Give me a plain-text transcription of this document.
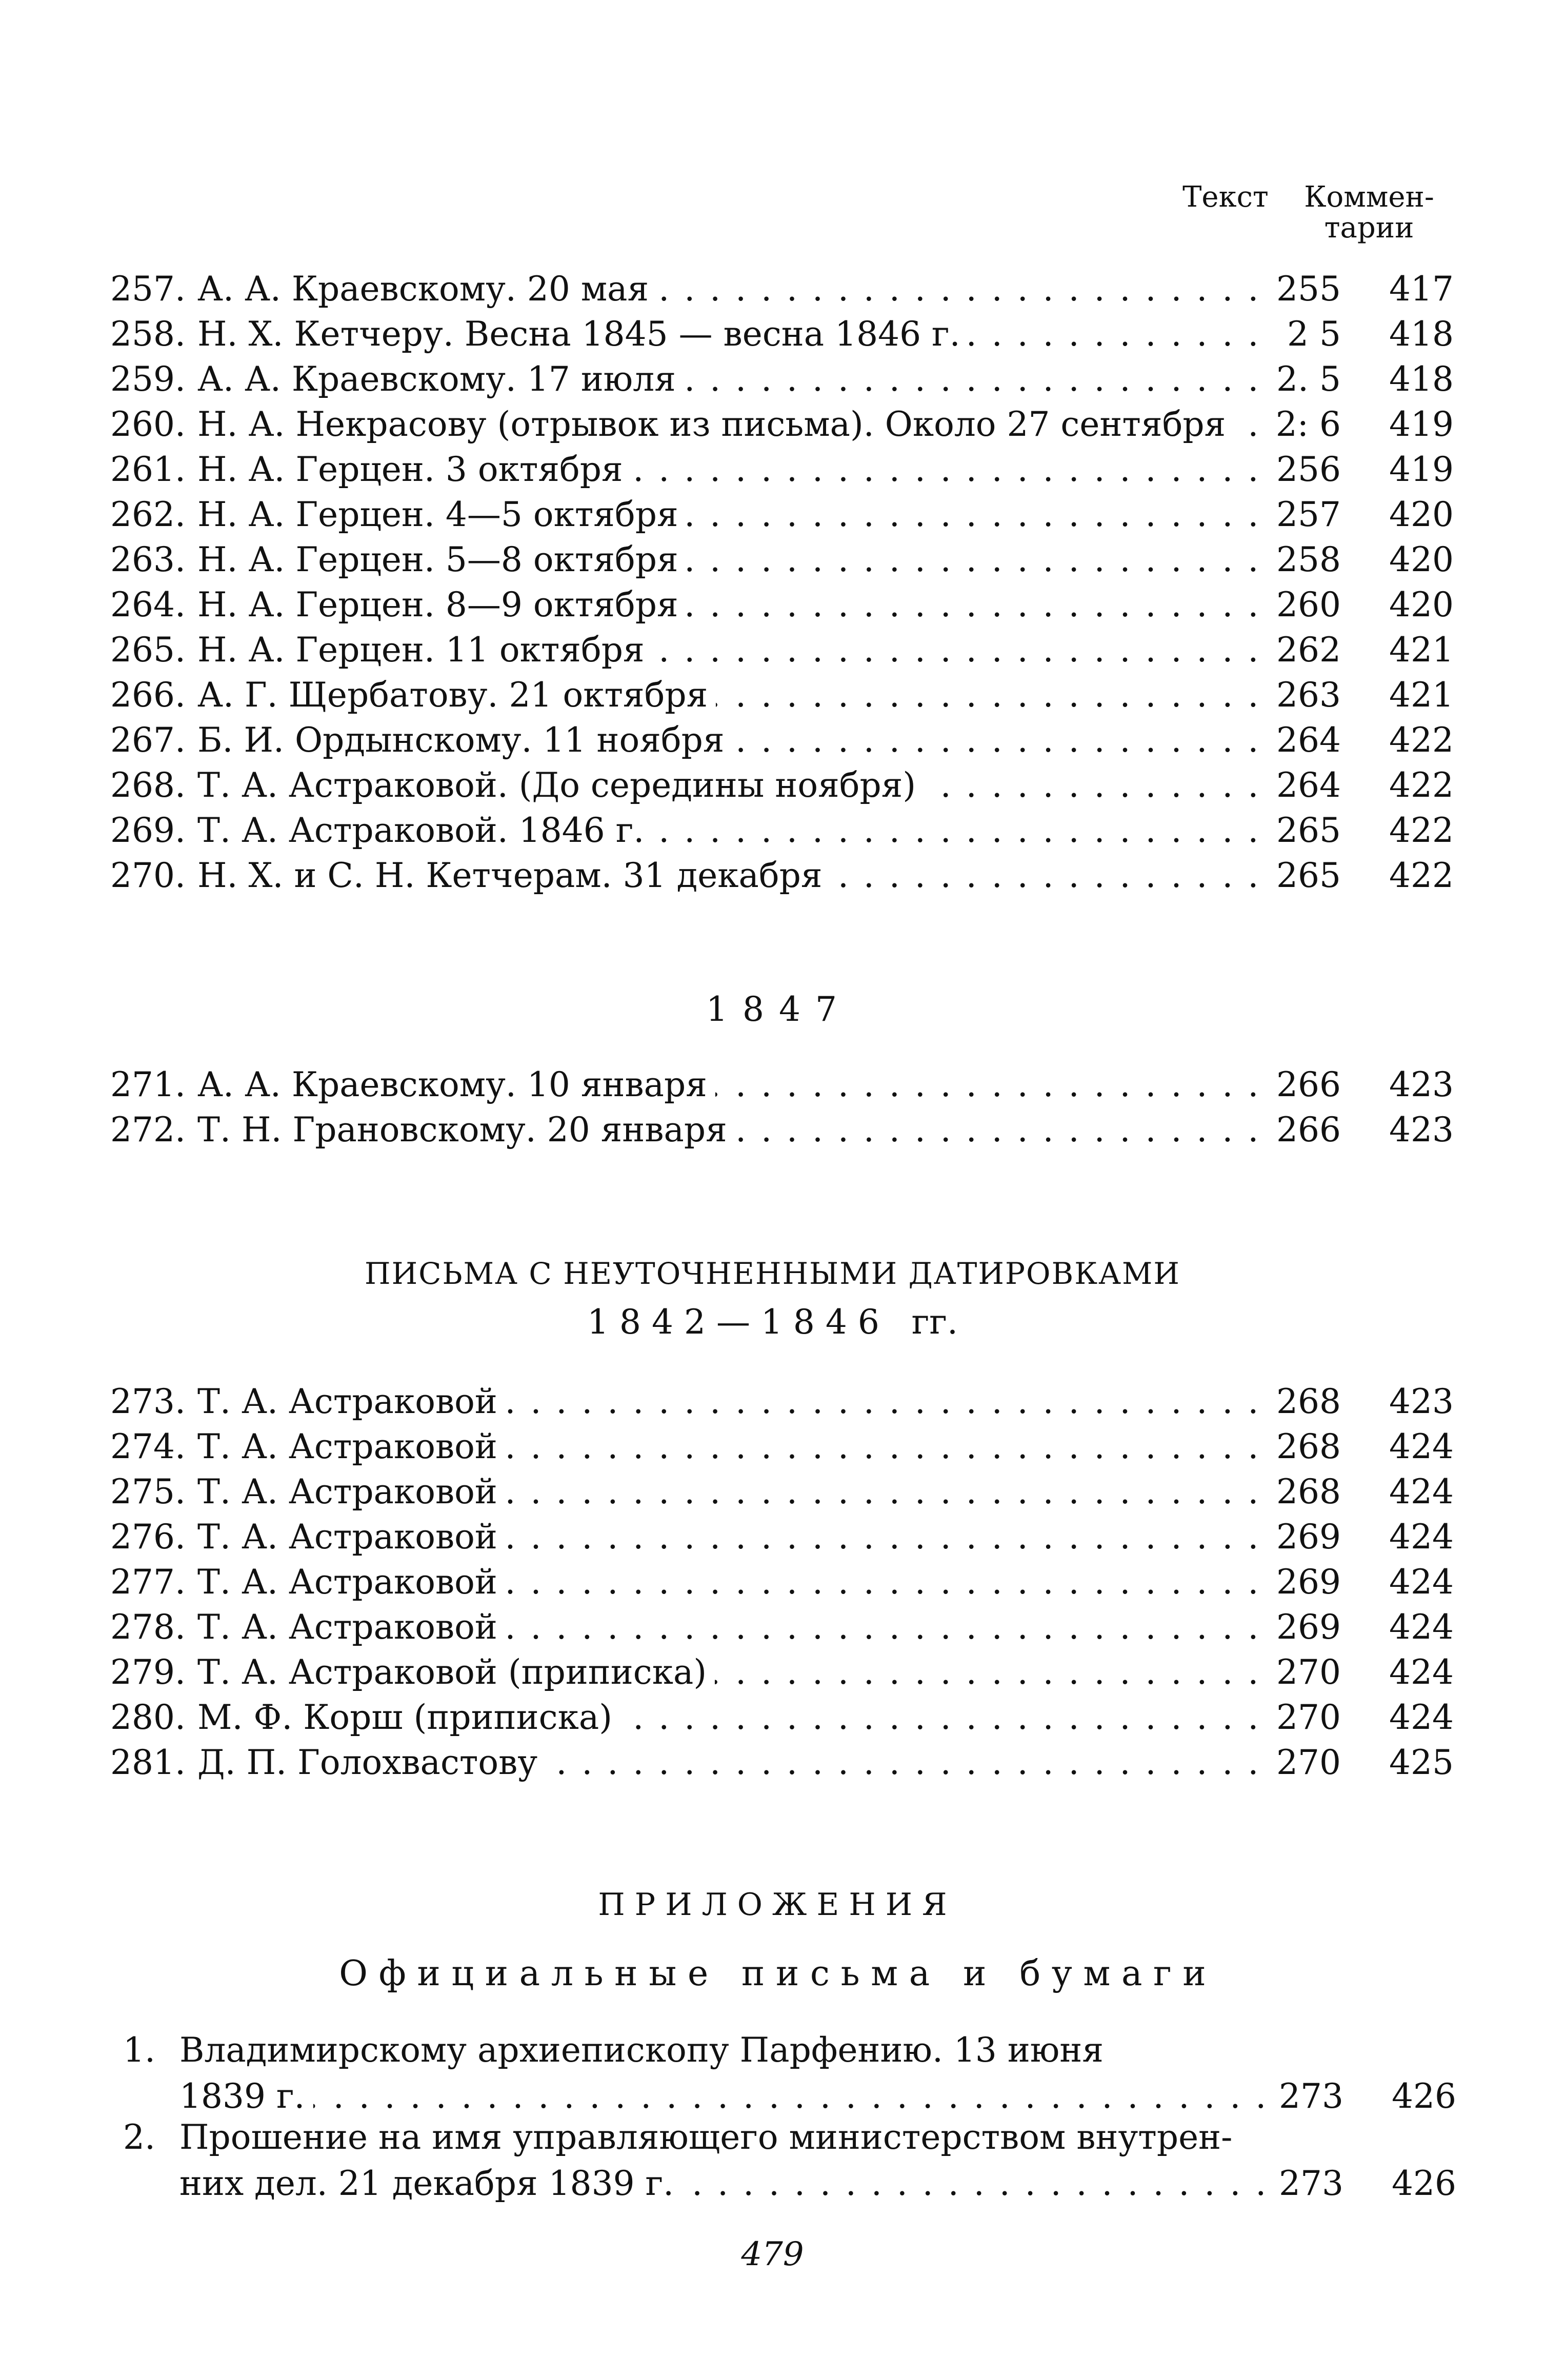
Текст	Коммен-
тарии
257. А. А. Краевскому. 20 мая . . .	255	417
258. Н. Х. Кетчеру. Весна 1845 — весна 1846 г. . . .	2 5	418
259. А. А. Краевскому. 17 июля . . .	2. 5	418
260. Н. А. Некрасову (отрывок из письма). Около 27 сентября . . .	2: 6	419
261. Н. А. Герцен. 3 октября . . .	256	419
262. Н. А. Герцен. 4—5 октября . . .	257	420
263. Н. А. Герцен. 5—8 октября . . .	258	420
264. Н. А. Герцен. 8—9 октября . . .	260	420
265. Н. А. Герцен. 11 октября . . .	262	421
266. А. Г. Щербатову. 21 октября . . .	263	421
267. Б. И. Ордынскому. 11 ноября . . .	264	422
268. Т. А. Астраковой. (До середины ноября) . . .	264	422
269. Т. А. Астраковой. 1846 г. . . .	265	422
270. Н. Х. и С. Н. Кетчерам. 31 декабря . . .	265	422
1 8 4 7
271. А. А. Краевскому. 10 января . . .	266	423
272. Т. Н. Грановскому. 20 января . . .	266	423
ПИСЬМА С НЕУТОЧНЕННЫМИ ДАТИРОВКАМИ
1 8 4 2 — 1 8 4 6   гг.
273. Т. А. Астраковой . . .	268	423
274. Т. А. Астраковой . . .	268	424
275. Т. А. Астраковой . . .	268	424
276. Т. А. Астраковой . . .	269	424
277. Т. А. Астраковой . . .	269	424
278. Т. А. Астраковой . . .	269	424
279. Т. А. Астраковой (приписка) . . .	270	424
280. М. Ф. Корш (приписка) . . .	270	424
281. Д. П. Голохвастову . . .	270	425
П Р И Л О Ж Е Н И Я
О ф и ц и а л ь н ы е   п и с ь м а   и   б у м а г и
1. Владимирскому архиепископу Парфению. 13 июня
1839 г. . . .	273	426
2. Прошение на имя управляющего министерством внутрен-
них дел. 21 декабря 1839 г. . . .	273	426
479
